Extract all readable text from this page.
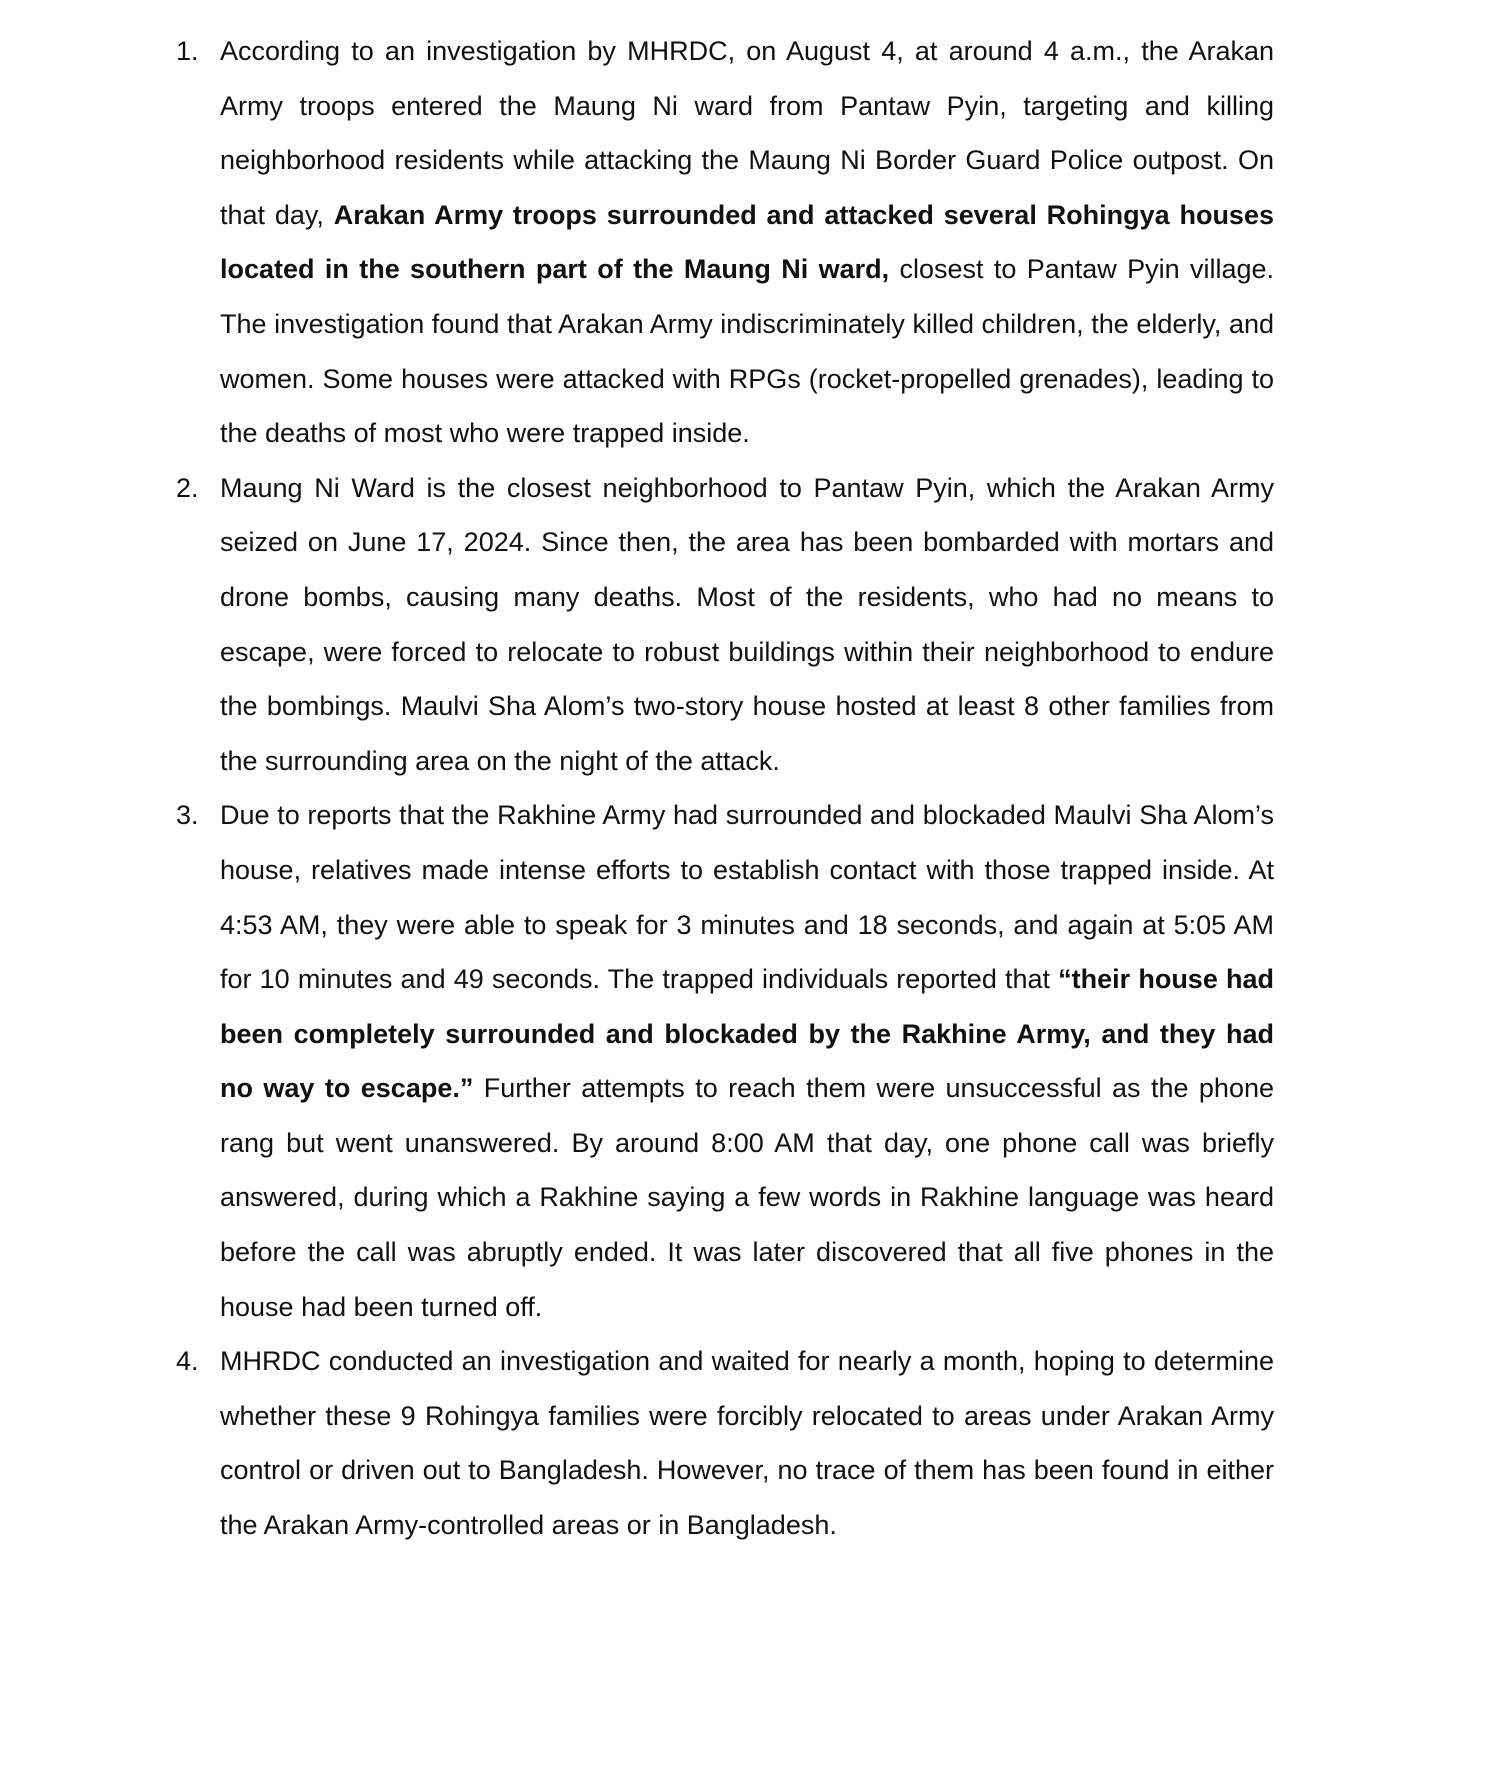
1. According to an investigation by MHRDC, on August 4, at around 4 a.m., the Arakan Army troops entered the Maung Ni ward from Pantaw Pyin, targeting and killing neighborhood residents while attacking the Maung Ni Border Guard Police outpost. On that day, Arakan Army troops surrounded and attacked several Rohingya houses located in the southern part of the Maung Ni ward, closest to Pantaw Pyin village. The investigation found that Arakan Army indiscriminately killed children, the elderly, and women. Some houses were attacked with RPGs (rocket-propelled grenades), leading to the deaths of most who were trapped inside.

2. Maung Ni Ward is the closest neighborhood to Pantaw Pyin, which the Arakan Army seized on June 17, 2024. Since then, the area has been bombarded with mortars and drone bombs, causing many deaths. Most of the residents, who had no means to escape, were forced to relocate to robust buildings within their neighborhood to endure the bombings. Maulvi Sha Alom’s two-story house hosted at least 8 other families from the surrounding area on the night of the attack.

3. Due to reports that the Rakhine Army had surrounded and blockaded Maulvi Sha Alom’s house, relatives made intense efforts to establish contact with those trapped inside. At 4:53 AM, they were able to speak for 3 minutes and 18 seconds, and again at 5:05 AM for 10 minutes and 49 seconds. The trapped individuals reported that “their house had been completely surrounded and blockaded by the Rakhine Army, and they had no way to escape.” Further attempts to reach them were unsuccessful as the phone rang but went unanswered. By around 8:00 AM that day, one phone call was briefly answered, during which a Rakhine saying a few words in Rakhine language was heard before the call was abruptly ended. It was later discovered that all five phones in the house had been turned off.

4. MHRDC conducted an investigation and waited for nearly a month, hoping to determine whether these 9 Rohingya families were forcibly relocated to areas under Arakan Army control or driven out to Bangladesh. However, no trace of them has been found in either the Arakan Army-controlled areas or in Bangladesh.
